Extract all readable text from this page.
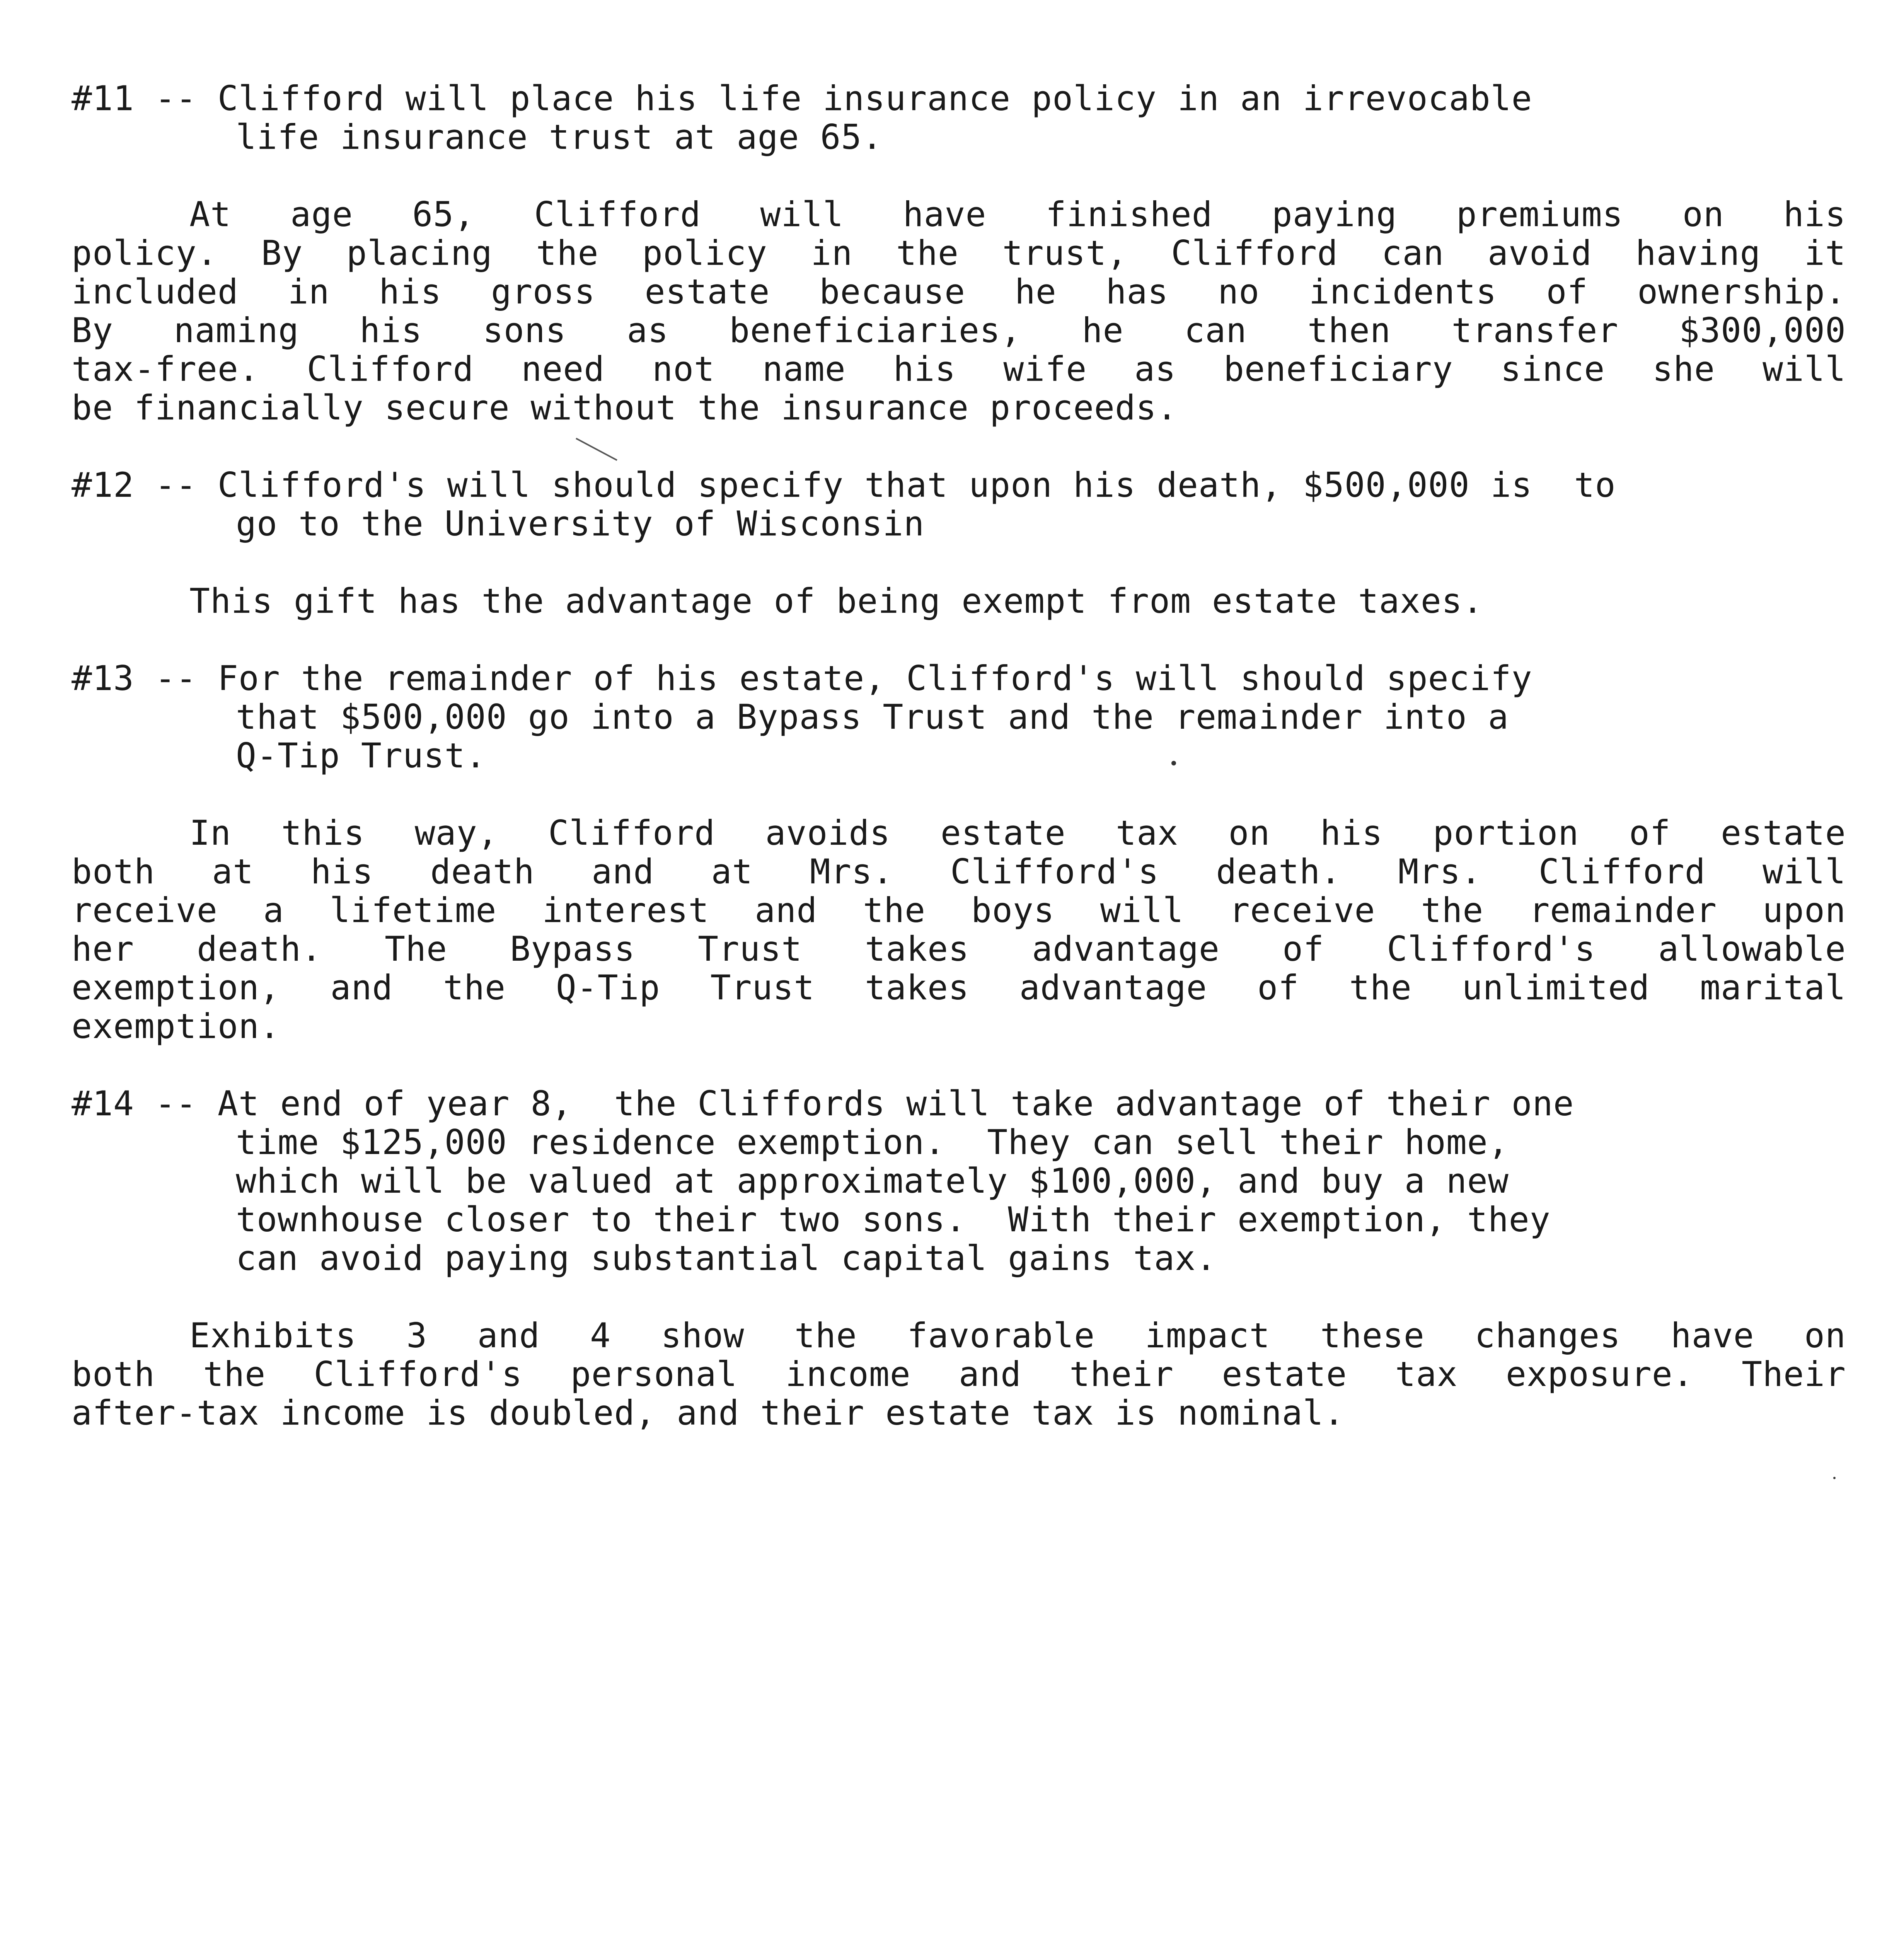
#11 -- Clifford will place his life insurance policy in an irrevocable
life insurance trust at age 65.
At age 65, Clifford will have finished paying premiums on his
policy. By placing the policy in the trust, Clifford can avoid having it
included in his gross estate because he has no incidents of ownership.
By naming his sons as beneficiaries, he can then transfer $300,000
tax-free. Clifford need not name his wife as beneficiary since she will
be financially secure without the insurance proceeds.
#12 -- Clifford's will should specify that upon his death, $500,000 is  to
go to the University of Wisconsin
This gift has the advantage of being exempt from estate taxes.
#13 -- For the remainder of his estate, Clifford's will should specify
that $500,000 go into a Bypass Trust and the remainder into a
Q-Tip Trust.
In this way, Clifford avoids estate tax on his portion of estate
both at his death and at Mrs. Clifford's death. Mrs. Clifford will
receive a lifetime interest and the boys will receive the remainder upon
her death. The Bypass Trust takes advantage of Clifford's allowable
exemption, and the Q-Tip Trust takes advantage of the unlimited marital
exemption.
#14 -- At end of year 8,  the Cliffords will take advantage of their one
time $125,000 residence exemption.  They can sell their home,
which will be valued at approximately $100,000, and buy a new
townhouse closer to their two sons.  With their exemption, they
can avoid paying substantial capital gains tax.
Exhibits 3 and 4 show the favorable impact these changes have on
both the Clifford's personal income and their estate tax exposure. Their
after-tax income is doubled, and their estate tax is nominal.
